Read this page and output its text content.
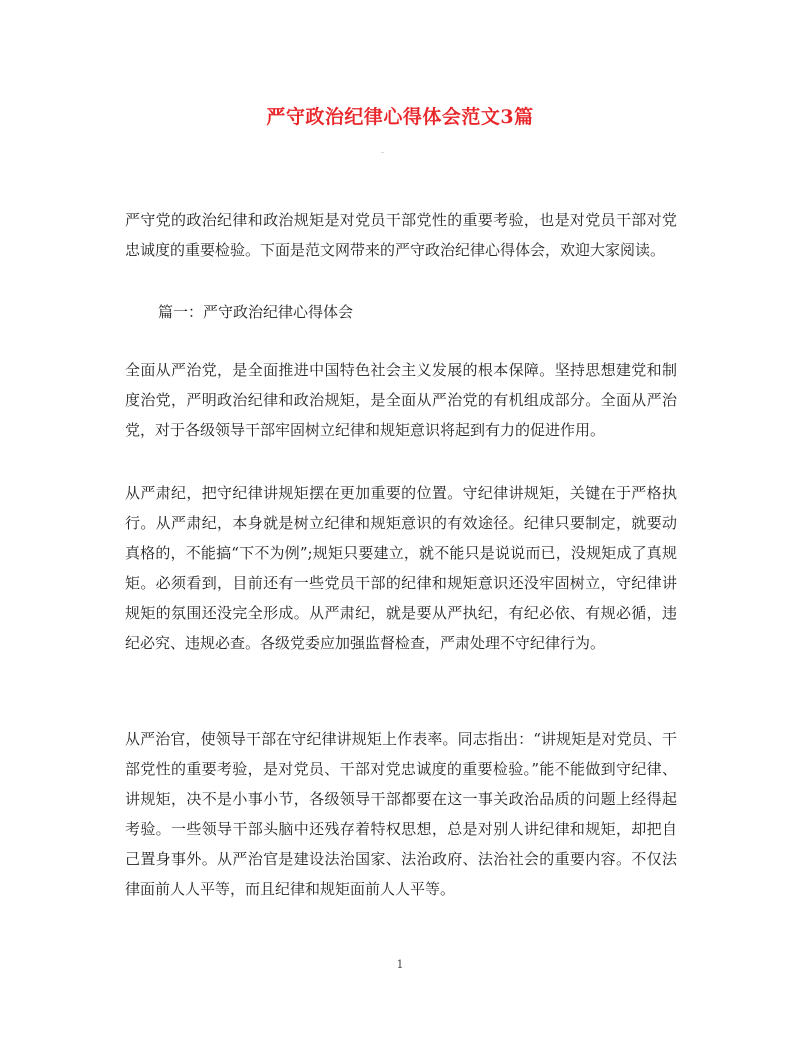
严守政治纪律心得体会范文3篇

严守党的政治纪律和政治规矩是对党员干部党性的重要考验，也是对党员干部对党忠诚度的重要检验。下面是范文网带来的严守政治纪律心得体会，欢迎大家阅读。

篇一：严守政治纪律心得体会

全面从严治党，是全面推进中国特色社会主义发展的根本保障。坚持思想建党和制度治党，严明政治纪律和政治规矩，是全面从严治党的有机组成部分。全面从严治党，对于各级领导干部牢固树立纪律和规矩意识将起到有力的促进作用。

从严肃纪，把守纪律讲规矩摆在更加重要的位置。守纪律讲规矩，关键在于严格执行。从严肃纪，本身就是树立纪律和规矩意识的有效途径。纪律只要制定，就要动真格的，不能搞“下不为例”;规矩只要建立，就不能只是说说而已，没规矩成了真规矩。必须看到，目前还有一些党员干部的纪律和规矩意识还没牢固树立，守纪律讲规矩的氛围还没完全形成。从严肃纪，就是要从严执纪，有纪必依、有规必循，违纪必究、违规必查。各级党委应加强监督检查，严肃处理不守纪律行为。

从严治官，使领导干部在守纪律讲规矩上作表率。同志指出：“讲规矩是对党员、干部党性的重要考验，是对党员、干部对党忠诚度的重要检验。”能不能做到守纪律、讲规矩，决不是小事小节，各级领导干部都要在这一事关政治品质的问题上经得起考验。一些领导干部头脑中还残存着特权思想，总是对别人讲纪律和规矩，却把自己置身事外。从严治官是建设法治国家、法治政府、法治社会的重要内容。不仅法律面前人人平等，而且纪律和规矩面前人人平等。

1
